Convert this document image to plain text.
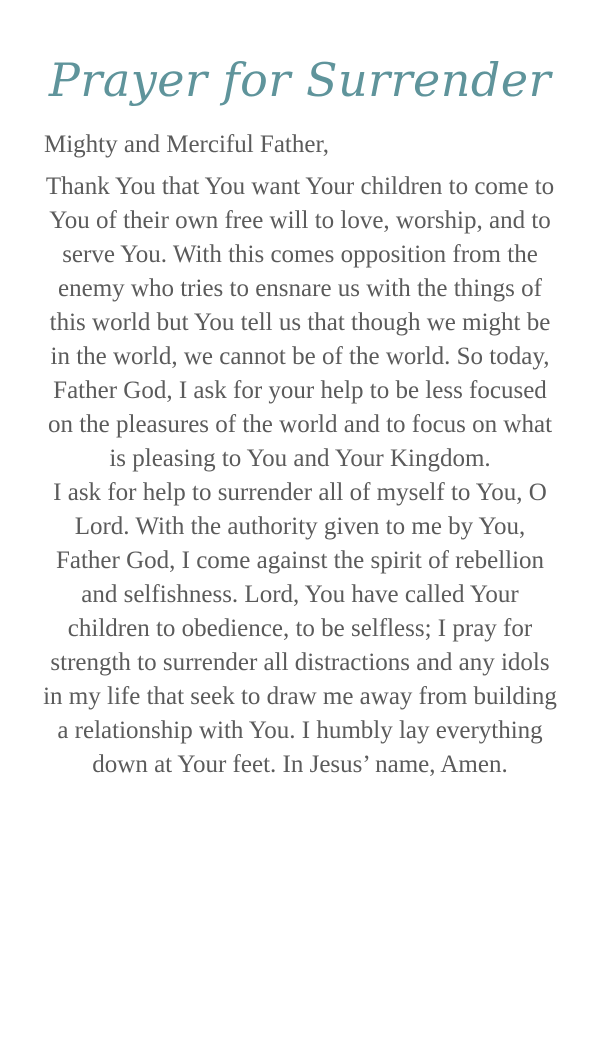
Prayer for Surrender

Mighty and Merciful Father,

Thank You that You want Your children to come to You of their own free will to love, worship, and to serve You. With this comes opposition from the enemy who tries to ensnare us with the things of this world but You tell us that though we might be in the world, we cannot be of the world. So today, Father God, I ask for your help to be less focused on the pleasures of the world and to focus on what is pleasing to You and Your Kingdom.

I ask for help to surrender all of myself to You, O Lord. With the authority given to me by You, Father God, I come against the spirit of rebellion and selfishness. Lord, You have called Your children to obedience, to be selfless; I pray for strength to surrender all distractions and any idols in my life that seek to draw me away from building a relationship with You. I humbly lay everything down at Your feet. In Jesus’ name, Amen.
